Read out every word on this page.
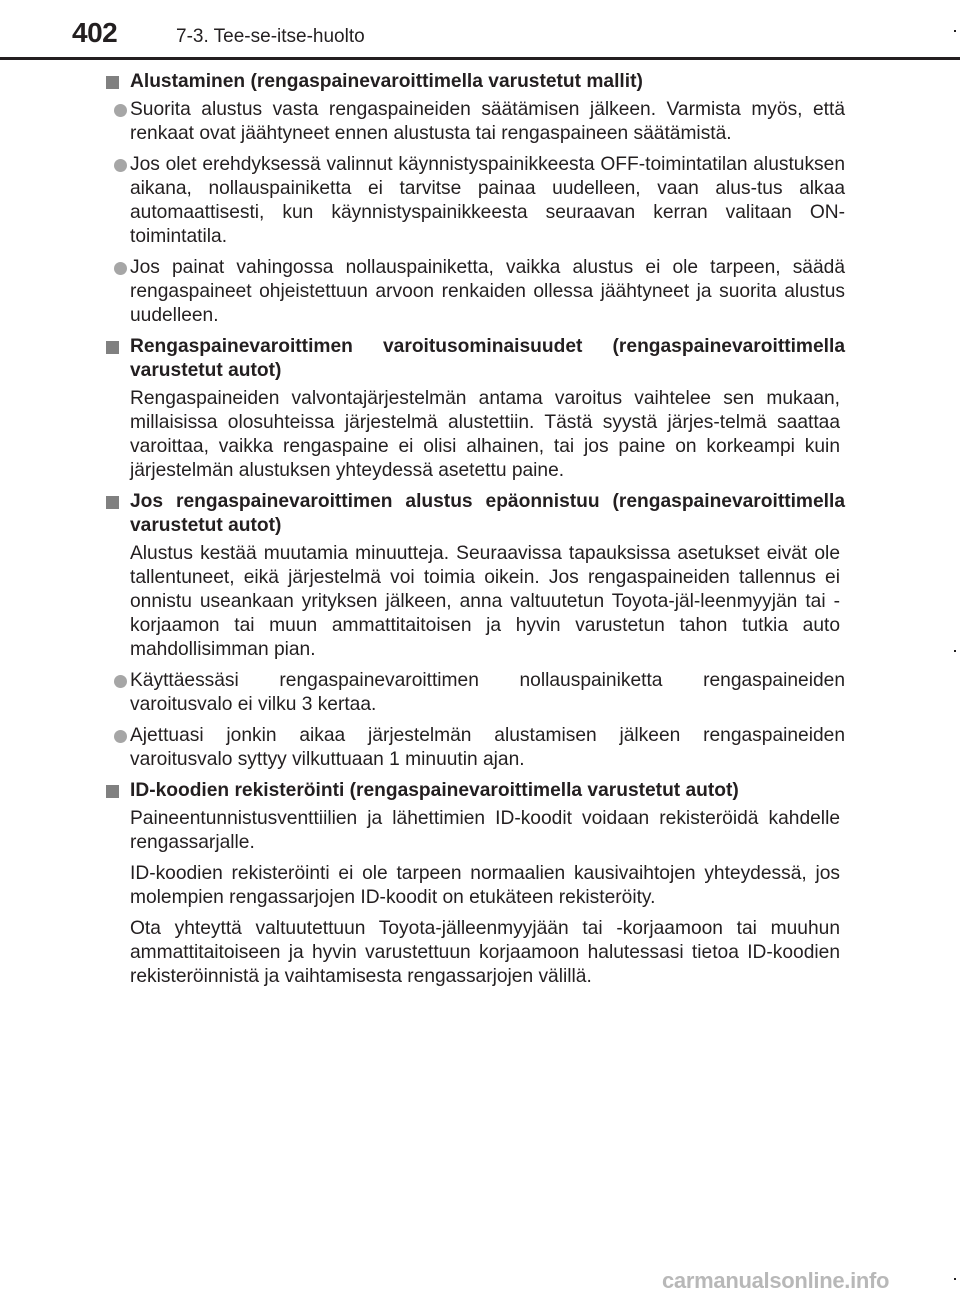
402	7-3. Tee-se-itse-huolto
Alustaminen (rengaspainevaroittimella varustetut mallit)
Suorita alustus vasta rengaspaineiden säätämisen jälkeen. Varmista myös, että renkaat ovat jäähtyneet ennen alustusta tai rengaspaineen säätämistä.
Jos olet erehdyksessä valinnut käynnistyspainikkeesta OFF-toimintatilan alustuksen aikana, nollauspainiketta ei tarvitse painaa uudelleen, vaan alus-tus alkaa automaattisesti, kun käynnistyspainikkeesta seuraavan kerran valitaan ON-toimintatila.
Jos painat vahingossa nollauspainiketta, vaikka alustus ei ole tarpeen, säädä rengaspaineet ohjeistettuun arvoon renkaiden ollessa jäähtyneet ja suorita alustus uudelleen.
Rengaspainevaroittimen varoitusominaisuudet (rengaspainevaroittimella varustetut autot)
Rengaspaineiden valvontajärjestelmän antama varoitus vaihtelee sen mukaan, millaisissa olosuhteissa järjestelmä alustettiin. Tästä syystä järjes-telmä saattaa varoittaa, vaikka rengaspaine ei olisi alhainen, tai jos paine on korkeampi kuin järjestelmän alustuksen yhteydessä asetettu paine.
Jos rengaspainevaroittimen alustus epäonnistuu (rengaspainevaroittimella varustetut autot)
Alustus kestää muutamia minuutteja. Seuraavissa tapauksissa asetukset eivät ole tallentuneet, eikä järjestelmä voi toimia oikein. Jos rengaspaineiden tallennus ei onnistu useankaan yrityksen jälkeen, anna valtuutetun Toyota-jäl-leenmyyjän tai -korjaamon tai muun ammattitaitoisen ja hyvin varustetun tahon tutkia auto mahdollisimman pian.
Käyttäessäsi rengaspainevaroittimen nollauspainiketta rengaspaineiden varoitusvalo ei vilku 3 kertaa.
Ajettuasi jonkin aikaa järjestelmän alustamisen jälkeen rengaspaineiden varoitusvalo syttyy vilkuttuaan 1 minuutin ajan.
ID-koodien rekisteröinti (rengaspainevaroittimella varustetut autot)
Paineentunnistusventtiilien ja lähettimien ID-koodit voidaan rekisteröidä kahdelle rengassarjalle.
ID-koodien rekisteröinti ei ole tarpeen normaalien kausivaihtojen yhteydessä, jos molempien rengassarjojen ID-koodit on etukäteen rekisteröity.
Ota yhteyttä valtuutettuun Toyota-jälleenmyyjään tai -korjaamoon tai muuhun ammattitaitoiseen ja hyvin varustettuun korjaamoon halutessasi tietoa ID-koodien rekisteröinnistä ja vaihtamisesta rengassarjojen välillä.
carmanualsonline.info
